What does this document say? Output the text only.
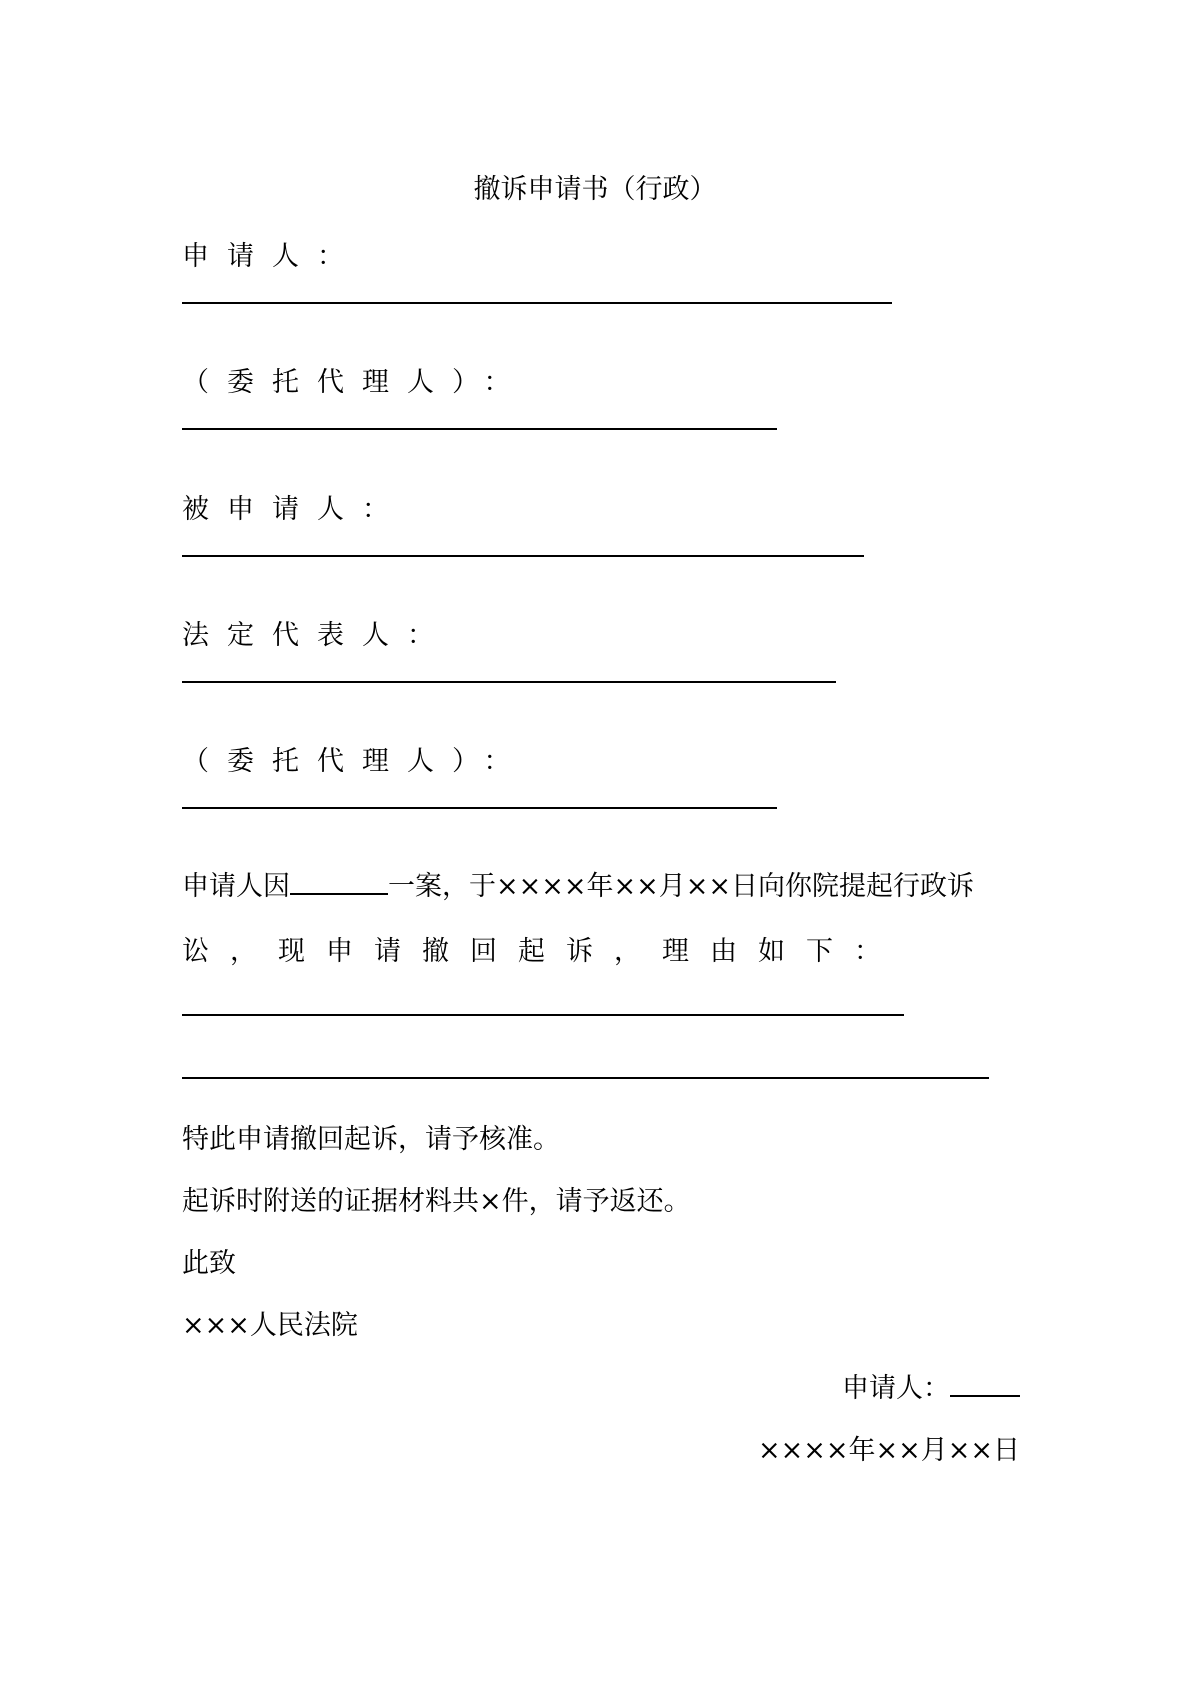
撤诉申请书（行政）
申请人：
（委托代理人）：
被申请人：
法定代表人：
（委托代理人）：
申请人因	一案，于××××年××月××日向你院提起行政诉
讼，现申请撤回起诉，理由如下：
特此申请撤回起诉，请予核准。
起诉时附送的证据材料共×件，请予返还。
此致
×××人民法院
申请人：
××××年××月××日
